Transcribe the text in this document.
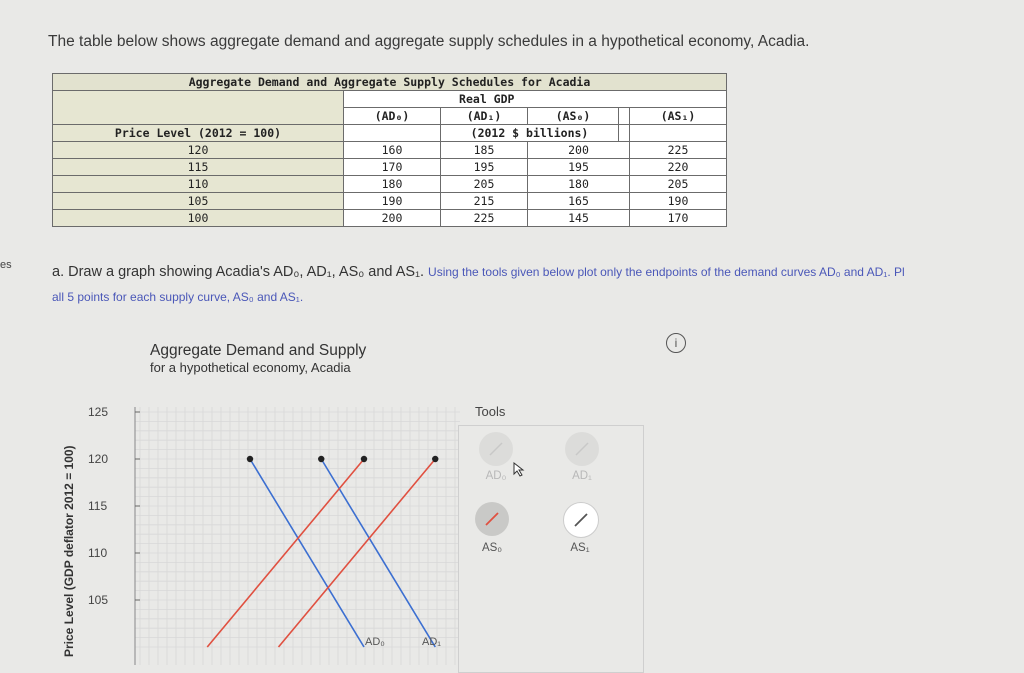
The table below shows aggregate demand and aggregate supply schedules in a hypothetical economy, Acadia.
es
Aggregate Demand and Aggregate Supply Schedules for Acadia					
	Real GDP				
	(AD₀)	(AD₁)	(AS₀)		(AS₁)
Price Level (2012 = 100)		(2012 $ billions)			
120	160	185	200		225
115	170	195	195		220
110	180	205	180		205
105	190	215	165		190
100	200	225	145		170
a. Draw a graph showing Acadia's AD₀, AD₁, AS₀ and AS₁. Using the tools given below plot only the endpoints of the demand curves AD₀ and AD₁. Pl
all 5 points for each supply curve, AS₀ and AS₁.
i
Aggregate Demand and Supply
for a hypothetical economy, Acadia
Price Level (GDP deflator 2012 = 100)
125
120
115
110
105
AD₀	AD₁
Tools
AD₀	AD₁
AS₀	AS₁
